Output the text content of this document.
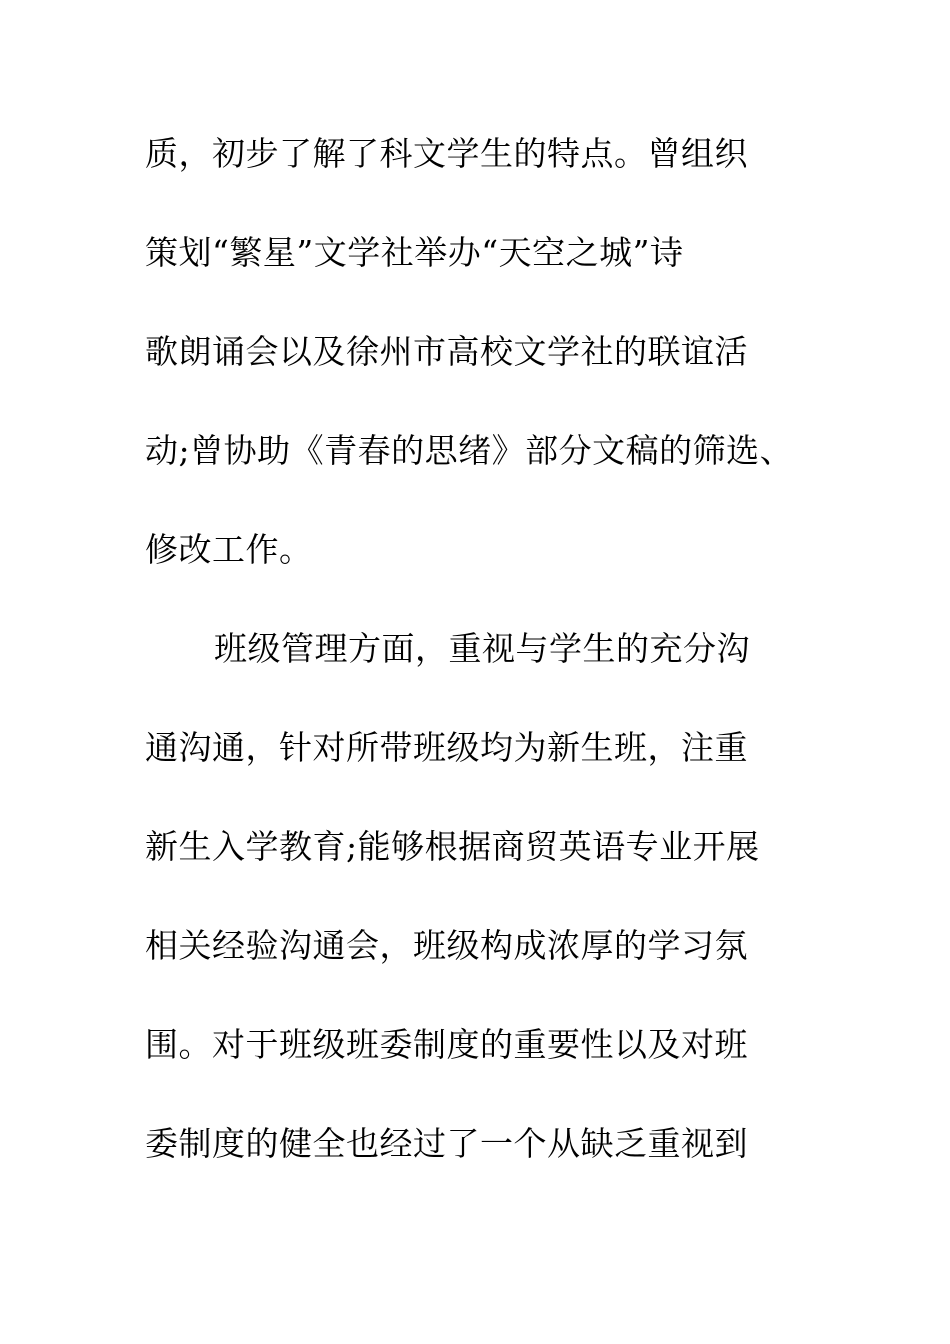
质，初步了解了科文学生的特点。曾组织
策划“繁星”文学社举办“天空之城”诗
歌朗诵会以及徐州市高校文学社的联谊活
动;曾协助《青春的思绪》部分文稿的筛选、
修改工作。
班级管理方面，重视与学生的充分沟
通沟通，针对所带班级均为新生班，注重
新生入学教育;能够根据商贸英语专业开展
相关经验沟通会，班级构成浓厚的学习氛
围。对于班级班委制度的重要性以及对班
委制度的健全也经过了一个从缺乏重视到
